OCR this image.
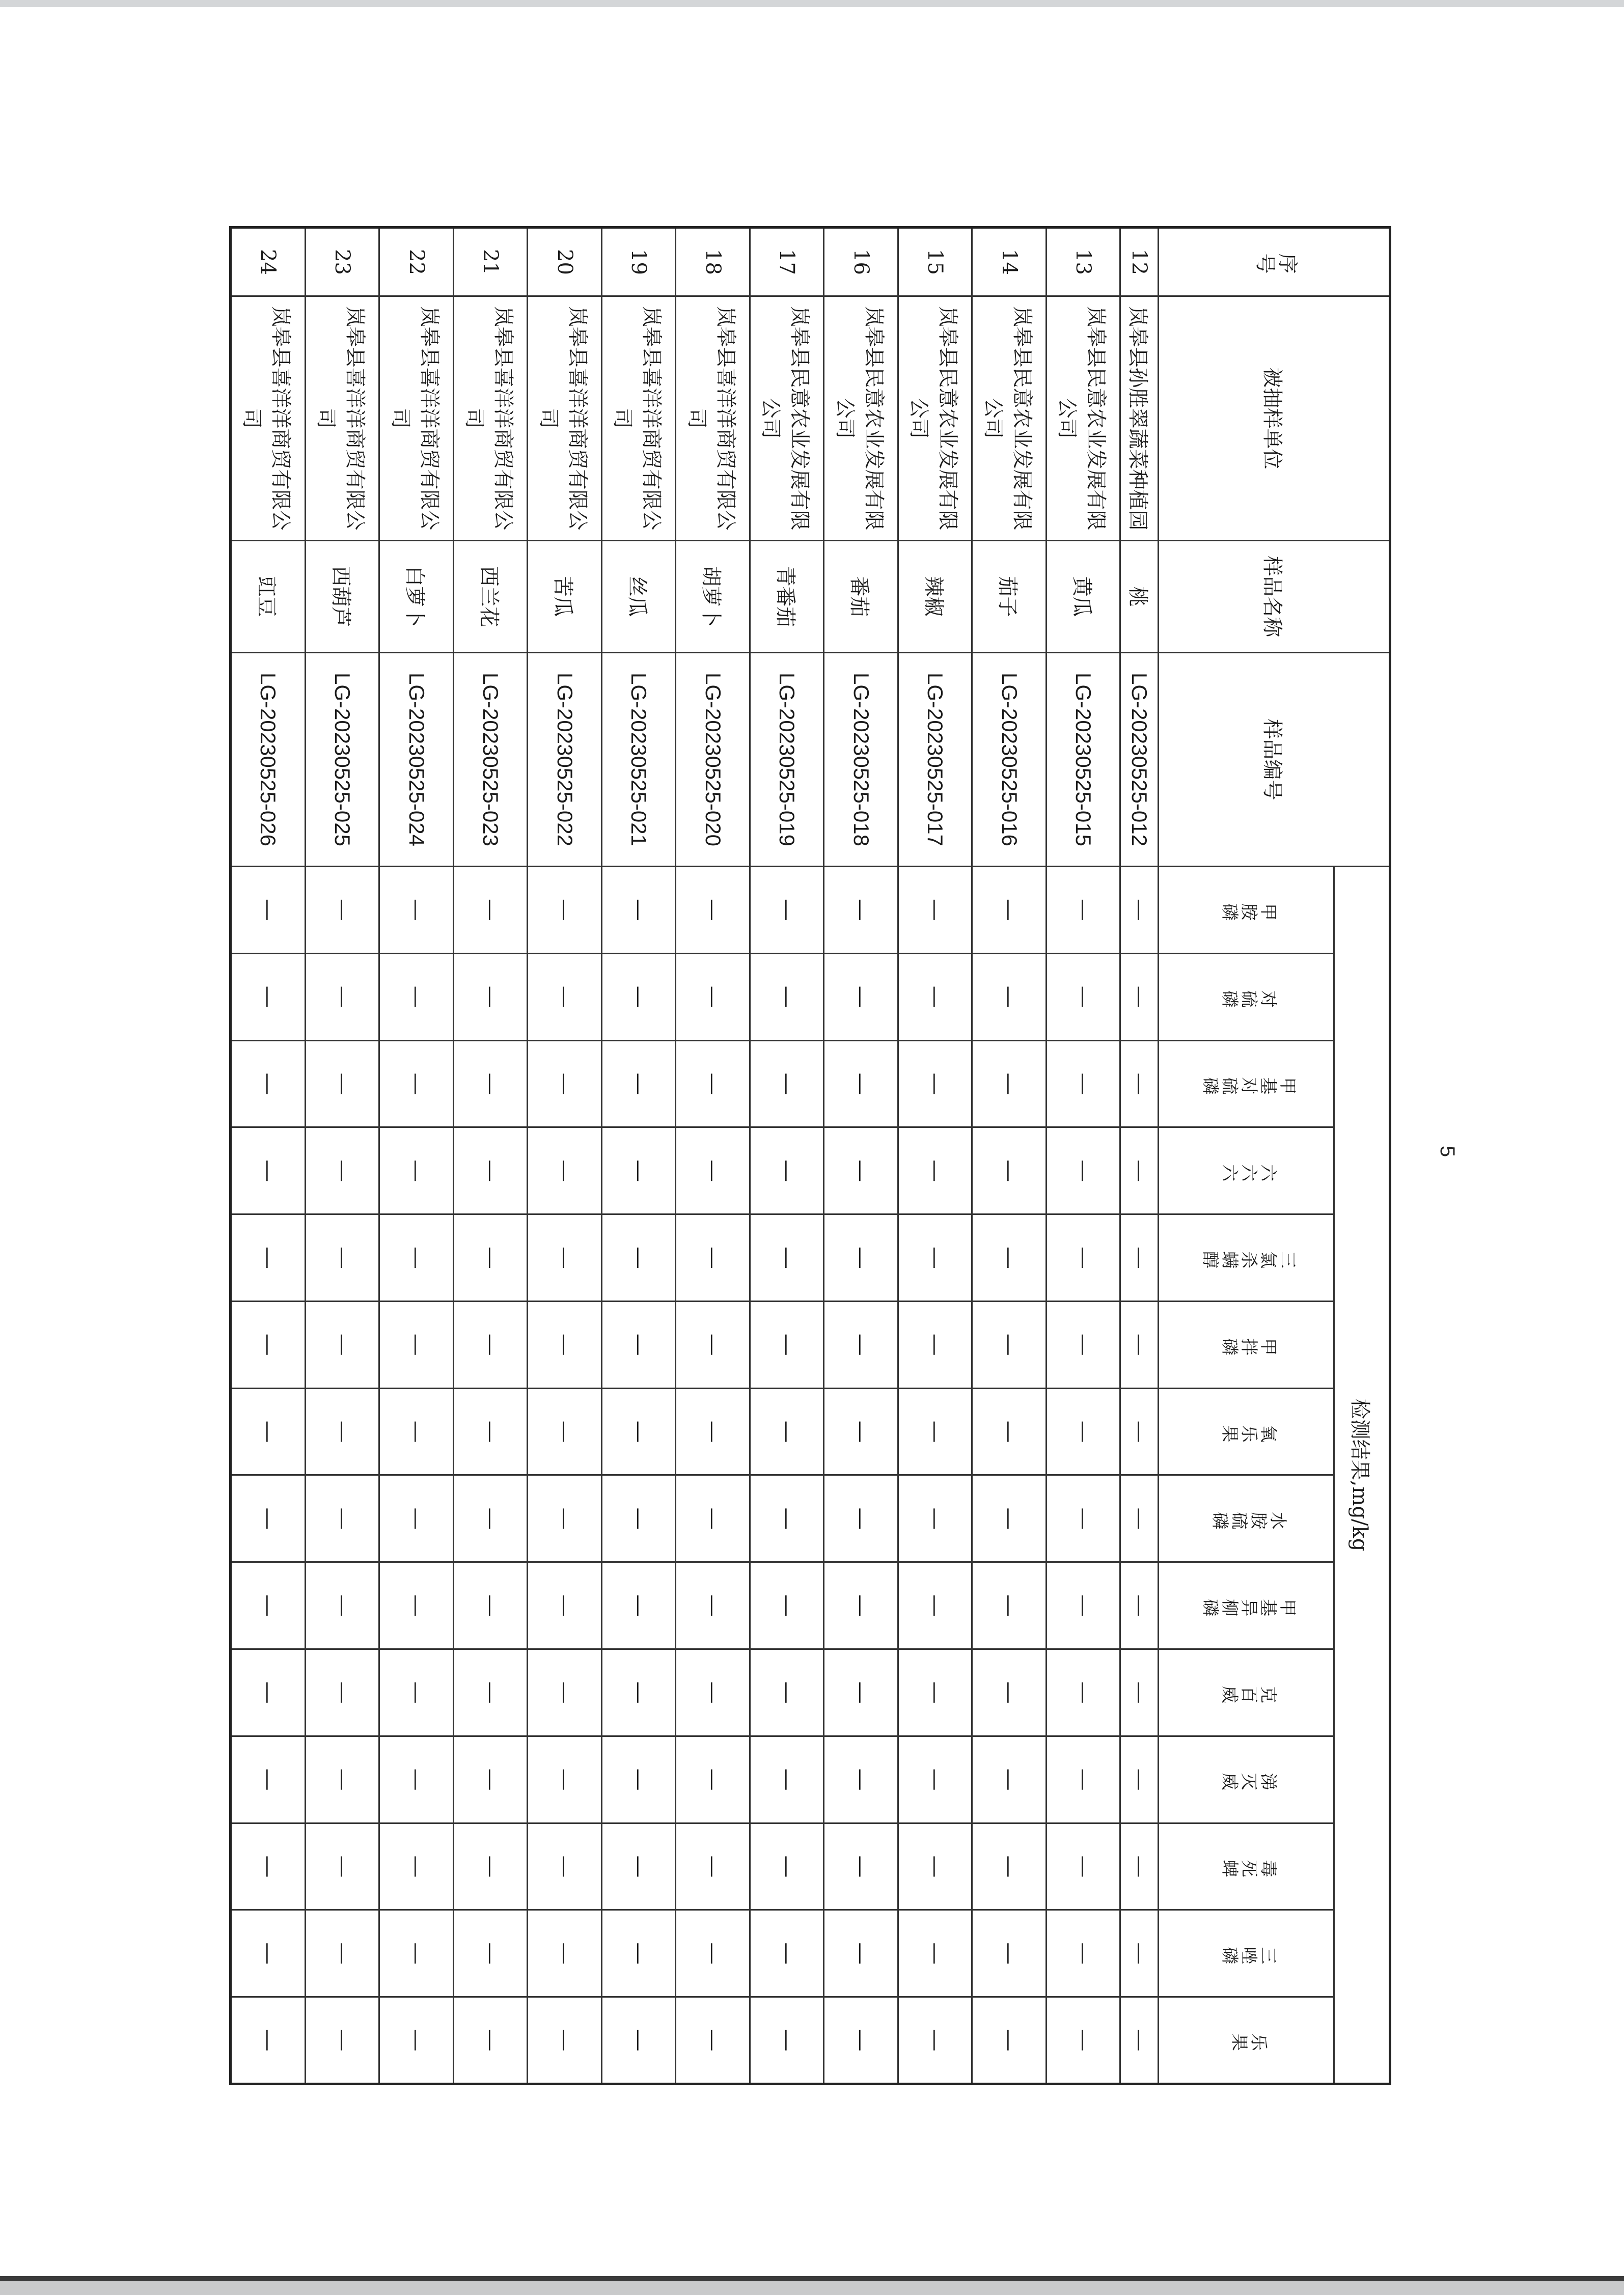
5
序号	被抽样单位	样品名称	样品编号	检测结果,mg/kg													
				甲胺磷	对硫磷	甲基对硫磷	六六六	三氯杀螨醇	甲拌磷	氧乐果	水胺硫磷	甲基异柳磷	克百威	涕灭威	毒死蜱	三唑磷	乐果
12	岚皋县孙胜翠蔬菜种植园	桃	LG-20230525-012	—	—	—	—	—	—	—	—	—	—	—	—	—	—
13	岚皋县民意农业发展有限公司	黄瓜	LG-20230525-015	—	—	—	—	—	—	—	—	—	—	—	—	—	—
14	岚皋县民意农业发展有限公司	茄子	LG-20230525-016	—	—	—	—	—	—	—	—	—	—	—	—	—	—
15	岚皋县民意农业发展有限公司	辣椒	LG-20230525-017	—	—	—	—	—	—	—	—	—	—	—	—	—	—
16	岚皋县民意农业发展有限公司	番茄	LG-20230525-018	—	—	—	—	—	—	—	—	—	—	—	—	—	—
17	岚皋县民意农业发展有限公司	青番茄	LG-20230525-019	—	—	—	—	—	—	—	—	—	—	—	—	—	—
18	岚皋县喜洋洋商贸有限公司	胡萝卜	LG-20230525-020	—	—	—	—	—	—	—	—	—	—	—	—	—	—
19	岚皋县喜洋洋商贸有限公司	丝瓜	LG-20230525-021	—	—	—	—	—	—	—	—	—	—	—	—	—	—
20	岚皋县喜洋洋商贸有限公司	苦瓜	LG-20230525-022	—	—	—	—	—	—	—	—	—	—	—	—	—	—
21	岚皋县喜洋洋商贸有限公司	西兰花	LG-20230525-023	—	—	—	—	—	—	—	—	—	—	—	—	—	—
22	岚皋县喜洋洋商贸有限公司	白萝卜	LG-20230525-024	—	—	—	—	—	—	—	—	—	—	—	—	—	—
23	岚皋县喜洋洋商贸有限公司	西葫芦	LG-20230525-025	—	—	—	—	—	—	—	—	—	—	—	—	—	—
24	岚皋县喜洋洋商贸有限公司	豇豆	LG-20230525-026	—	—	—	—	—	—	—	—	—	—	—	—	—	—
